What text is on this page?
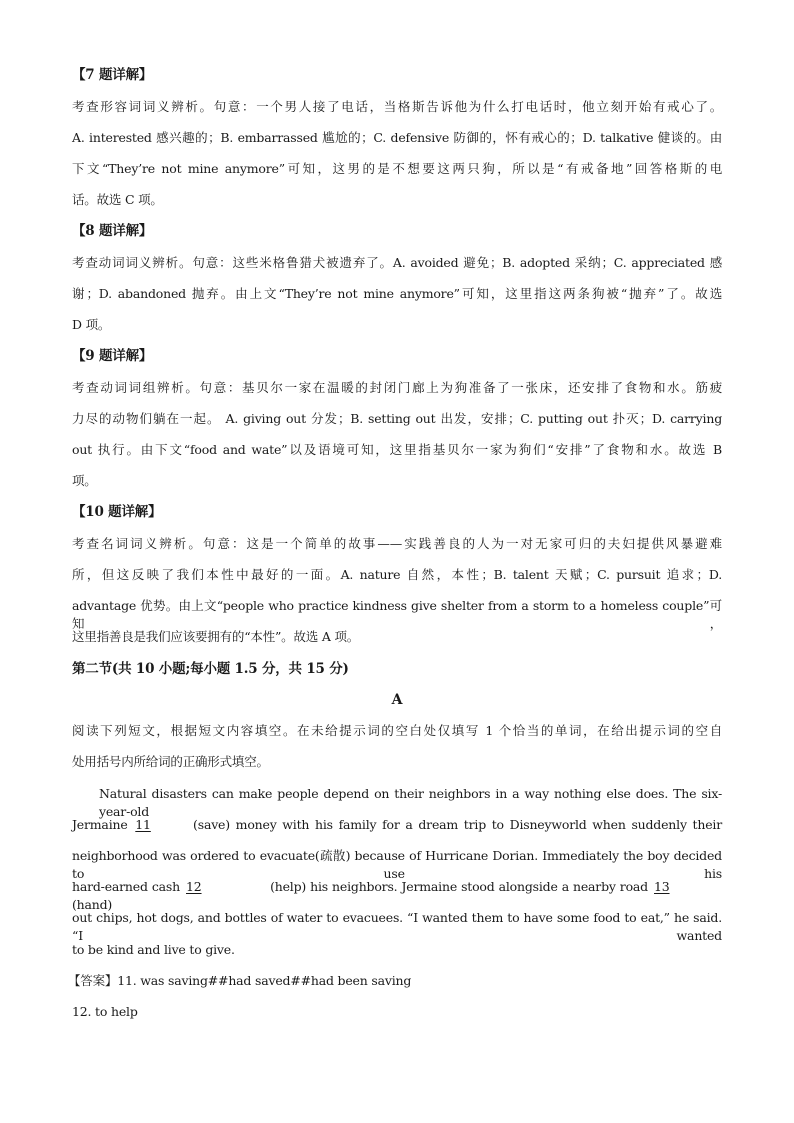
【7 题详解】
考查形容词词义辨析。句意：一个男人接了电话，当格斯告诉他为什么打电话时，他立刻开始有戒心了。
A. interested 感兴趣的；B. embarrassed 尴尬的；C. defensive 防御的，怀有戒心的；D. talkative 健谈的。由
下文“They’re not mine anymore”可知，这男的是不想要这两只狗，所以是“有戒备地”回答格斯的电
话。故选 C 项。
【8 题详解】
考查动词词义辨析。句意：这些米格鲁猎犬被遗弃了。A. avoided 避免；B. adopted 采纳；C. appreciated 感
谢；D. abandoned 抛弃。由上文“They’re not mine anymore”可知，这里指这两条狗被“抛弃”了。故选
D 项。
【9 题详解】
考查动词词组辨析。句意：基贝尔一家在温暖的封闭门廊上为狗准备了一张床，还安排了食物和水。筋疲
力尽的动物们躺在一起。 A. giving out 分发；B. setting out 出发，安排；C. putting out 扑灭；D. carrying
out 执行。由下文“food and wate”以及语境可知，这里指基贝尔一家为狗们“安排”了食物和水。故选 B
项。
【10 题详解】
考查名词词义辨析。句意：这是一个简单的故事——实践善良的人为一对无家可归的夫妇提供风暴避难
所，但这反映了我们本性中最好的一面。A. nature 自然，本性；B. talent 天赋；C. pursuit 追求；D.
advantage 优势。由上文“people who practice kindness give shelter from a storm to a homeless couple”可知，
这里指善良是我们应该要拥有的“本性”。故选 A 项。
第二节(共 10 小题;每小题 1.5 分，共 15 分)
A
阅读下列短文，根据短文内容填空。在未给提示词的空白处仅填写 1 个恰当的单词，在给出提示词的空自
处用括号内所给词的正确形式填空。
Natural disasters can make people depend on their neighbors in a way nothing else does. The six-year-old
Jermaine 11	(save) money with his family for a dream trip to Disneyworld when suddenly their
neighborhood was ordered to evacuate(疏散) because of Hurricane Dorian. Immediately the boy decided to use his
hard-earned cash 12	(help) his neighbors. Jermaine stood alongside a nearby road 13 (hand)
out chips, hot dogs, and bottles of water to evacuees. “I wanted them to have some food to eat,” he said. “I wanted
to be kind and live to give.
【答案】11. was saving##had saved##had been saving
12. to help
